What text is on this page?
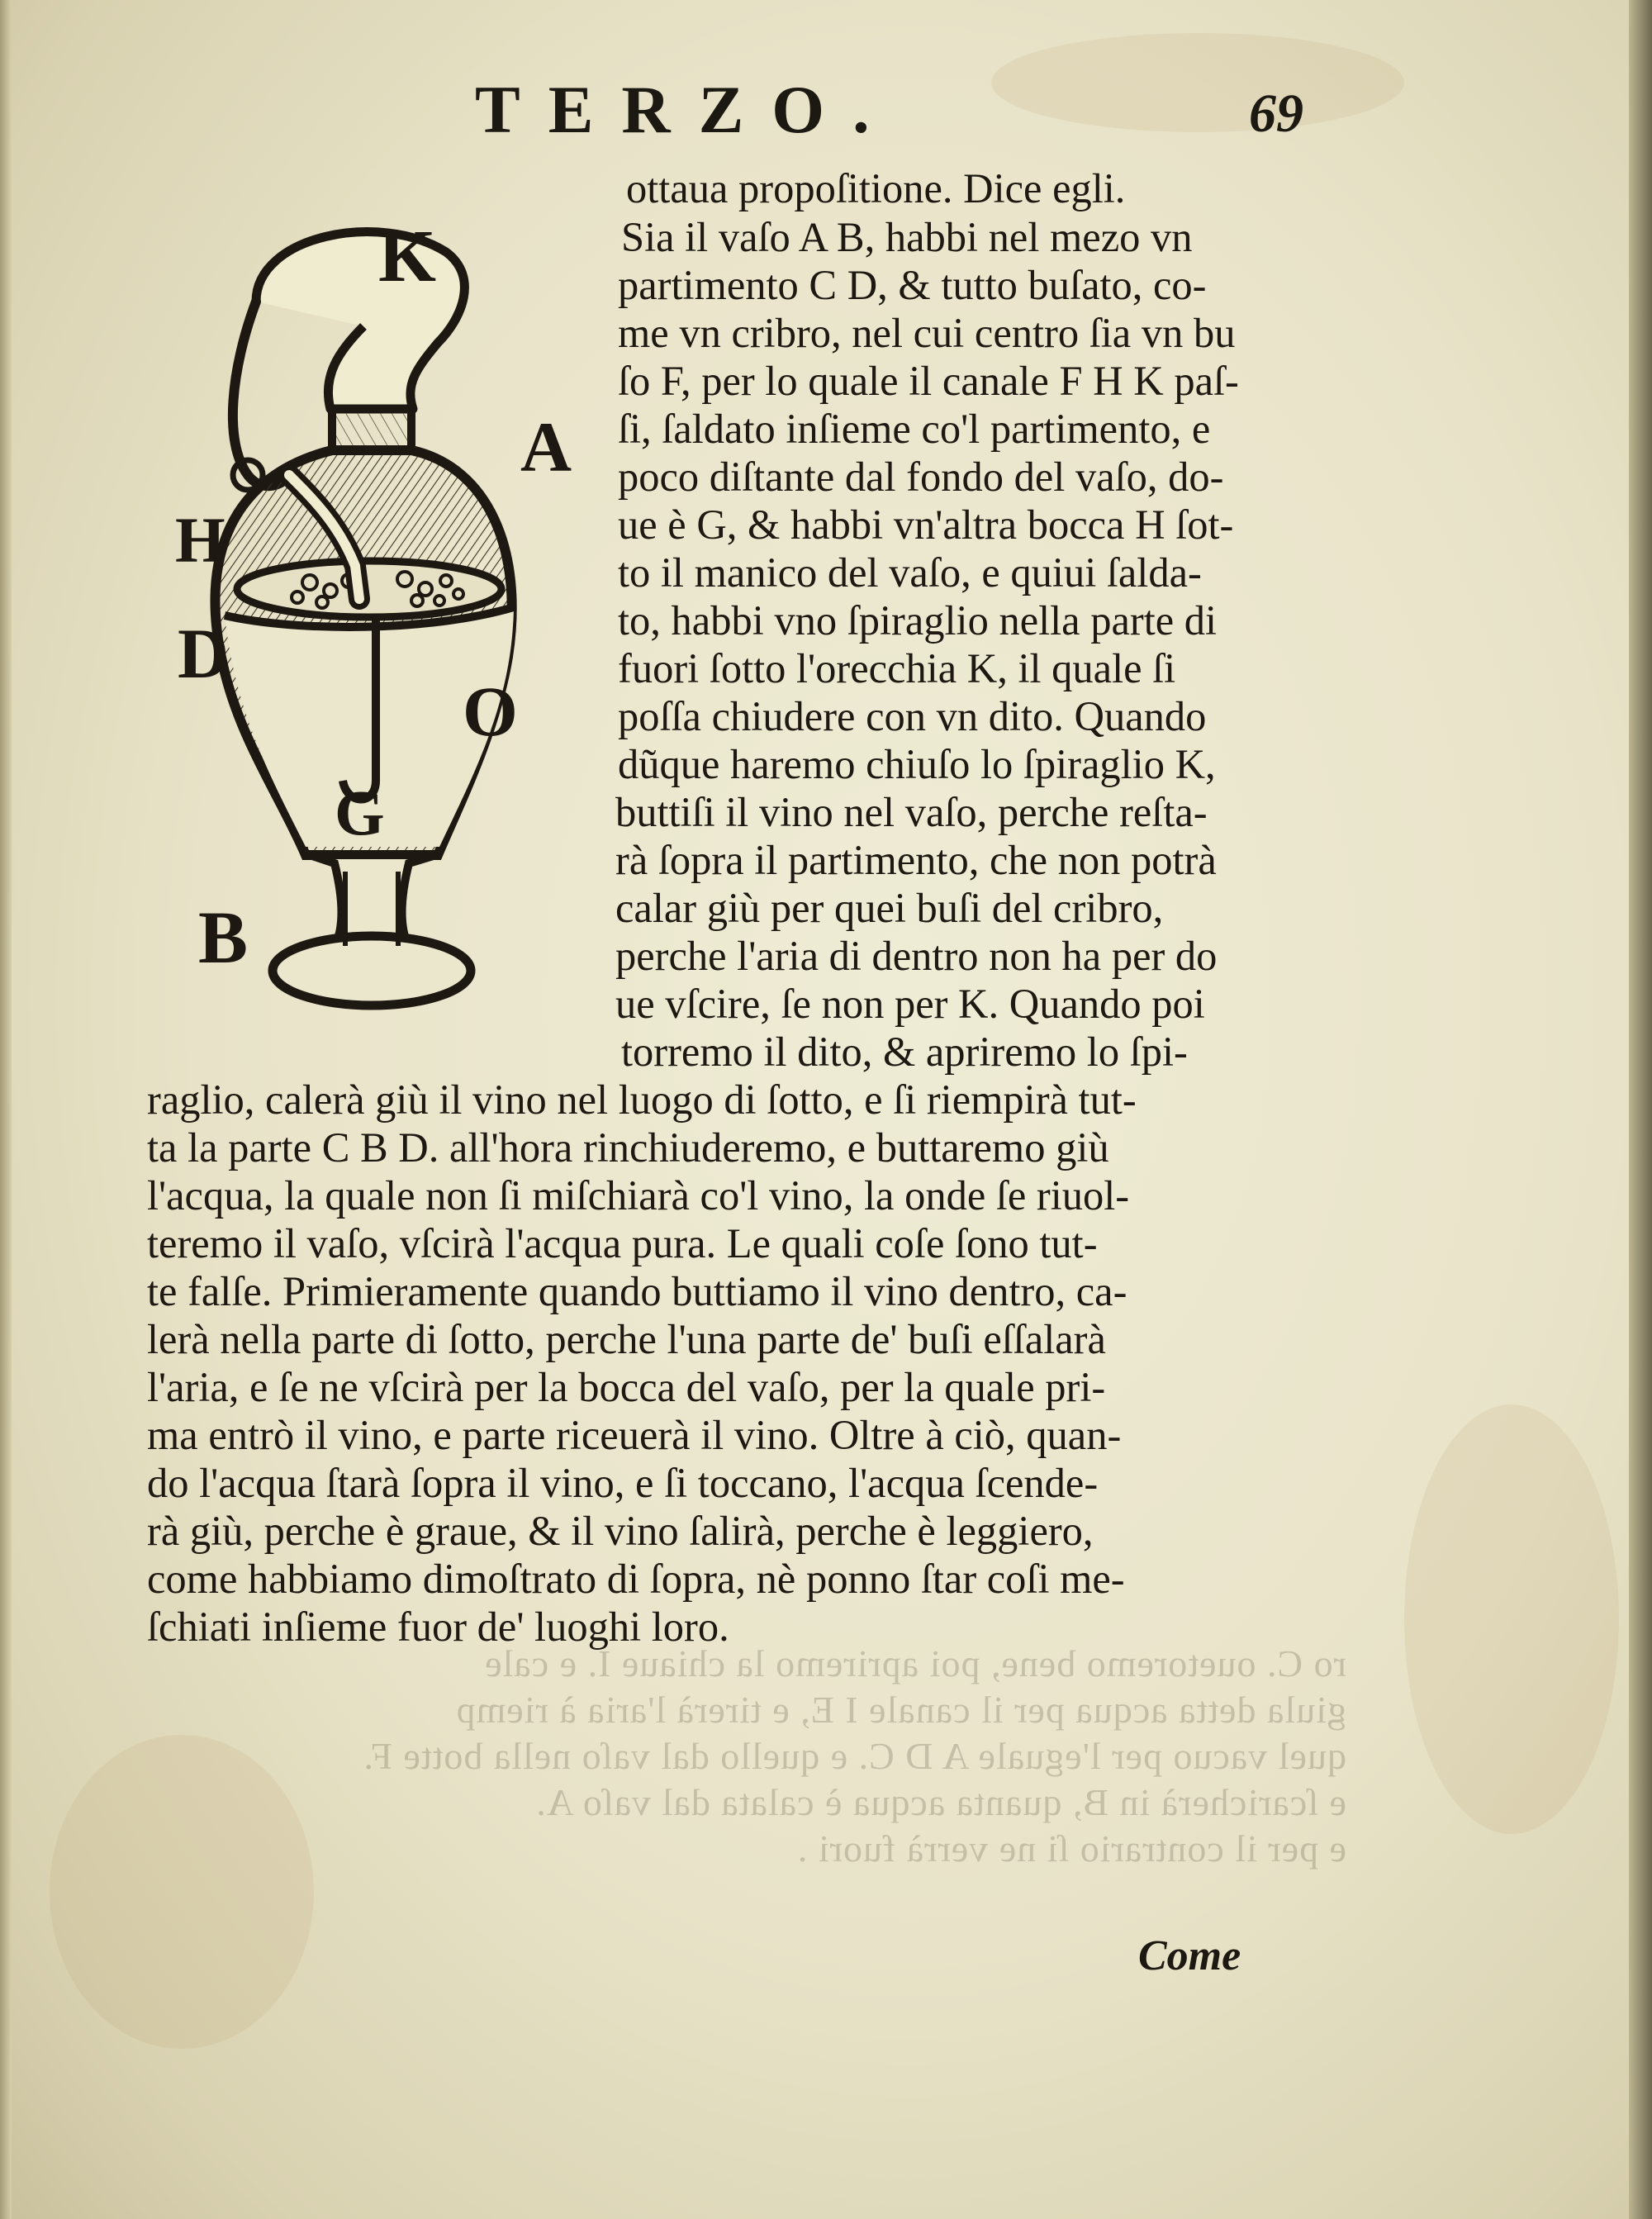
ro C. ouetoremo bene, poi apriremo la chiaue I. e cale
giula detta acqua per il canale I E, e tirerà l'aria à riemp
quel vacuo per l'eguale A D C. e quello dal vaſo nella botte F.
e ſcaricherà in B, quanta acqua è calata dal vaſo A.
e per il contrario ſi ne verrà fuori .

TERZO.	69
K
A
H
D
O
G
B
ottaua propoſitione. Dice egli.
Sia il vaſo A B, habbi nel mezo vn
partimento C D, & tutto buſato, co-
me vn cribro, nel cui centro ſia vn bu
ſo F, per lo quale il canale F H K paſ-
ſi, ſaldato inſieme co'l partimento, e
poco diſtante dal fondo del vaſo, do-
ue è G, & habbi vn'altra bocca H ſot-
to il manico del vaſo, e quiui ſalda-
to, habbi vno ſpiraglio nella parte di
fuori ſotto l'orecchia K, il quale ſi
poſſa chiudere con vn dito. Quando
dũque haremo chiuſo lo ſpiraglio K,
buttiſi il vino nel vaſo, perche reſta-
rà ſopra il partimento, che non potrà
calar giù per quei buſi del cribro,
perche l'aria di dentro non ha per do
ue vſcire, ſe non per K. Quando poi
torremo il dito, & apriremo lo ſpi-
raglio, calerà giù il vino nel luogo di ſotto, e ſi riempirà tut-
ta la parte C B D. all'hora rinchiuderemo, e buttaremo giù
l'acqua, la quale non ſi miſchiarà co'l vino, la onde ſe riuol-
teremo il vaſo, vſcirà l'acqua pura. Le quali coſe ſono tut-
te falſe. Primieramente quando buttiamo il vino dentro, ca-
lerà nella parte di ſotto, perche l'una parte de' buſi eſſalarà
l'aria, e ſe ne vſcirà per la bocca del vaſo, per la quale pri-
ma entrò il vino, e parte riceuerà il vino. Oltre à ciò, quan-
do l'acqua ſtarà ſopra il vino, e ſi toccano, l'acqua ſcende-
rà giù, perche è graue, & il vino ſalirà, perche è leggiero,
come habbiamo dimoſtrato di ſopra, nè ponno ſtar coſi me-
ſchiati inſieme fuor de' luoghi loro.
Come
